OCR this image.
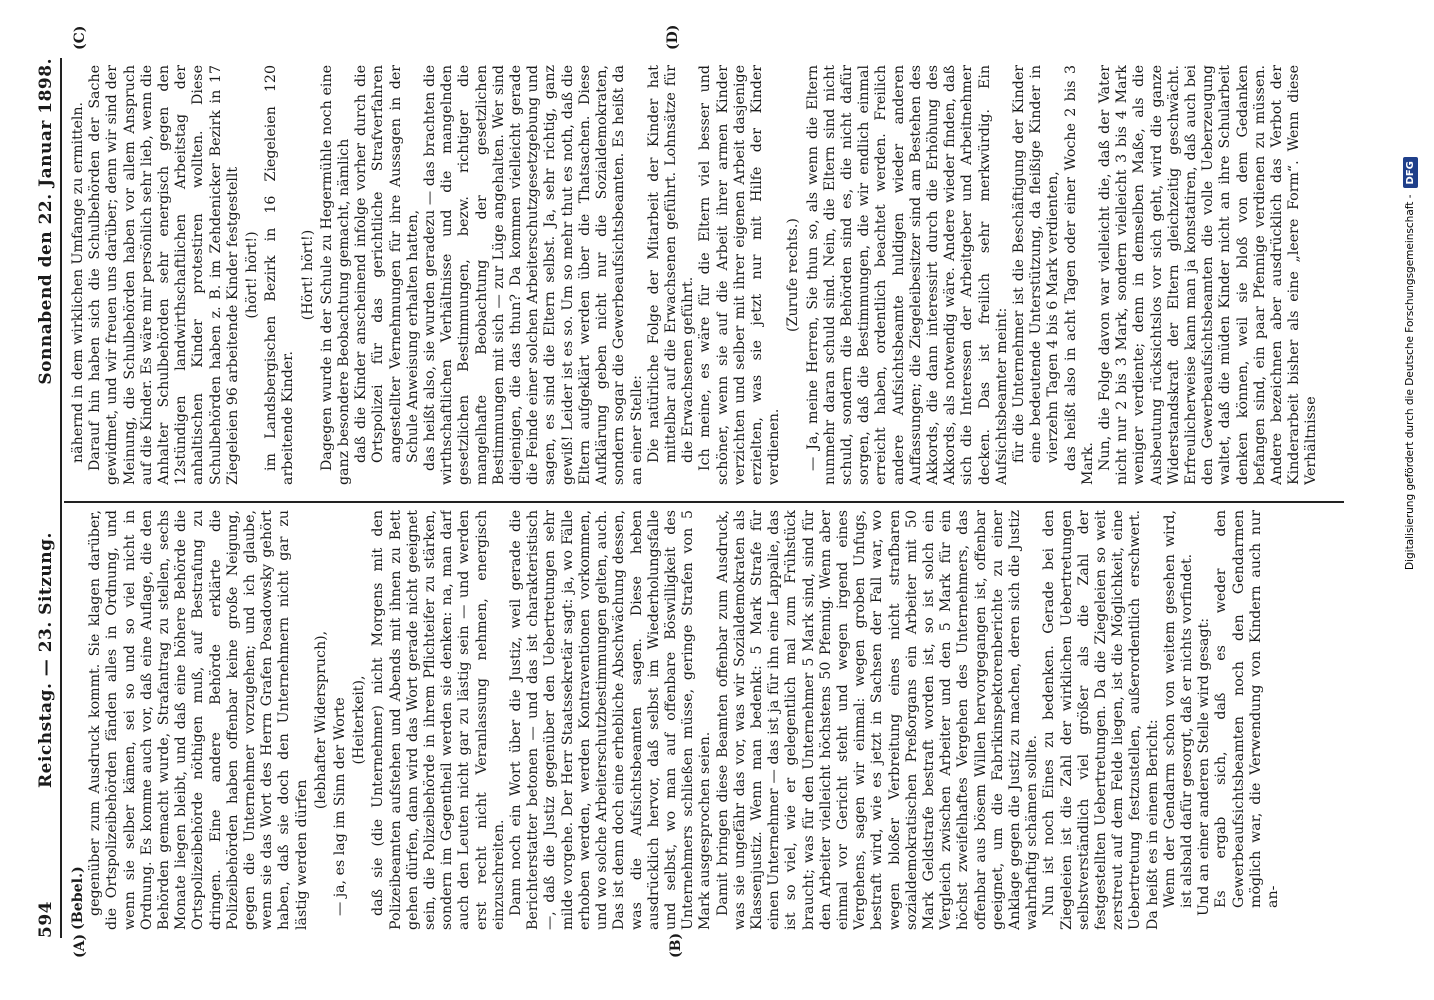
594
Reichstag. — 23. Sitzung.
Sonnabend den 22. Januar 1898.
(A)	(B)
(C)	(D)

(Bebel.) gegenüber zum Ausdruck kommt. Sie klagen darüber, die Ortspolizeibehörden fänden alles in Ordnung, und wenn sie selber kämen, sei so und so viel nicht in Ordnung. Es komme auch vor, daß eine Auflage, die den Behörden gemacht wurde, Strafantrag zu stellen, sechs Monate liegen bleibt, und daß eine höhere Behörde die Ortspolizeibehörde nöthigen muß, auf Bestrafung zu dringen. Eine andere Behörde erklärte die Polizeibehörden haben offenbar keine große Neigung, gegen die Unternehmer vorzugehen; und ich glaube, wenn sie das Wort des Herrn Grafen Posadowsky gehört haben, daß sie doch den Unternehmern nicht gar zu lästig werden dürfen

(lebhafter Widerspruch), — ja, es lag im Sinn der Worte (Heiterkeit), daß sie (die Unternehmer) nicht Morgens mit den Polizeibeamten aufstehen und Abends mit ihnen zu Bett gehen dürfen, dann wird das Wort gerade nicht geeignet sein, die Polizeibehörde in ihrem Pflichteifer zu stärken, sondern im Gegentheil werden sie denken: na, man darf auch den Leuten nicht gar zu lästig sein — und werden erst recht nicht Veranlassung nehmen, energisch einzuschreiten. Dann noch ein Wort über die Justiz, weil gerade die Berichterstatter betonen — und das ist charakteristisch —, daß die Justiz gegenüber den Uebertretungen sehr milde vorgehe. Der Herr Staatssekretär sagt: ja, wo Fälle erhoben werden, werden Kontraventionen vorkommen, und wo solche Arbeiterschutzbestimmungen gelten, auch. Das ist denn doch eine erhebliche Abschwächung dessen, was die Aufsichtsbeamten sagen. Diese heben ausdrücklich hervor, daß selbst im Wiederholungsfalle und selbst, wo man auf offenbare Böswilligkeit des Unternehmers schließen müsse, geringe Strafen von 5 Mark ausgesprochen seien. Damit bringen diese Beamten offenbar zum Ausdruck, was sie ungefähr das vor, was wir Sozialdemokraten als Klassenjustiz. Wenn man bedenkt: 5 Mark Strafe für einen Unternehmer — das ist ja für ihn eine Lappalie, das ist so viel, wie er gelegentlich mal zum Frühstück braucht; was für den Unternehmer 5 Mark sind, sind für den Arbeiter vielleicht höchstens 50 Pfennig. Wenn aber einmal vor Gericht steht und wegen irgend eines Vergehens, sagen wir einmal: wegen groben Unfugs, bestraft wird, wie es jetzt in Sachsen der Fall war, wo wegen bloßer Verbreitung eines nicht strafbaren sozialdemokratischen Preßorgans ein Arbeiter mit 50 Mark Geldstrafe bestraft worden ist, so ist solch ein Vergleich zwischen Arbeiter und den 5 Mark für ein höchst zweifelhaftes Vergehen des Unternehmers, das offenbar aus bösem Willen hervorgegangen ist, offenbar geeignet, um die Fabrikinspektorenberichte zu einer Anklage gegen die Justiz zu machen, deren sich die Justiz wahrhaftig schämen sollte. Nun ist noch Eines zu bedenken. Gerade bei den Ziegeleien ist die Zahl der wirklichen Uebertretungen selbstverständlich viel größer als die Zahl der festgestellten Uebertretungen. Da die Ziegeleien so weit zerstreut auf dem Felde liegen, ist die Möglichkeit, eine Uebertretung festzustellen, außerordentlich erschwert. Da heißt es in einem Bericht: Wenn der Gendarm schon von weitem gesehen wird, ist alsbald dafür gesorgt, daß er nichts vorfindet. Und an einer anderen Stelle wird gesagt: Es ergab sich, daß es weder den Gewerbeaufsichtsbeamten noch den Gendarmen möglich war, die Verwendung von Kindern auch nur an-

nähernd in dem wirklichen Umfange zu ermitteln. Darauf hin haben sich die Schulbehörden der Sache gewidmet, und wir freuen uns darüber; denn wir sind der Meinung, die Schulbehörden haben vor allem Anspruch auf die Kinder. Es wäre mir persönlich sehr lieb, wenn die Anhalter Schulbehörden sehr energisch gegen den 12stündigen landwirthschaftlichen Arbeitstag der anhaltischen Kinder protestiren wollten. Diese Schulbehörden haben z. B. im Zehdenicker Bezirk in 17 Ziegeleien 96 arbeitende Kinder festgestellt (hört! hört!) im Landsbergischen Bezirk in 16 Ziegeleien 120 arbeitende Kinder.

(Hört! hört!) Dagegen wurde in der Schule zu Hegermühle noch eine ganz besondere Beobachtung gemacht, nämlich daß die Kinder anscheinend infolge vorher durch die Ortspolizei für das gerichtliche Strafverfahren angestellter Vernehmungen für ihre Aussagen in der Schule Anweisung erhalten hatten, das heißt also, sie wurden geradezu — das brachten die wirthschaftlichen Verhältnisse und die mangelnden gesetzlichen Bestimmungen, bezw. richtiger die mangelhafte Beobachtung der gesetzlichen Bestimmungen mit sich — zur Lüge angehalten. Wer sind diejenigen, die das thun? Da kommen vielleicht gerade die Feinde einer solchen Arbeiterschutzgesetzgebung und sagen, es sind die Eltern selbst. Ja, sehr richtig, ganz gewiß! Leider ist es so. Um so mehr thut es noth, daß die Eltern aufgeklärt werden über die Thatsachen. Diese Aufklärung geben nicht nur die Sozialdemokraten, sondern sogar die Gewerbeaufsichtsbeamten. Es heißt da an einer Stelle: Die natürliche Folge der Mitarbeit der Kinder hat mittelbar auf die Erwachsenen geführt. Lohnsätze für die Erwachsenen geführt. Ich meine, es wäre für die Eltern viel besser und schöner, wenn sie auf die Arbeit ihrer armen Kinder verzichten und selber mit ihrer eigenen Arbeit dasjenige erzielten, was sie jetzt nur mit Hilfe der Kinder verdienen.

(Zurufe rechts.) — Ja, meine Herren, Sie thun so, als wenn die Eltern nunmehr daran schuld sind. Nein, die Eltern sind nicht schuld, sondern die Behörden sind es, die nicht dafür sorgen, daß die Bestimmungen, die wir endlich einmal erreicht haben, ordentlich beachtet werden. Freilich andere Aufsichtsbeamte huldigen wieder anderen Auffassungen; die Ziegeleibesitzer sind am Bestehen des Akkords, die dann interessirt durch die Erhöhung des Akkords, als notwendig wäre. Andere wieder finden, daß sich die Interessen der Arbeitgeber und Arbeitnehmer decken. Das ist freilich sehr merkwürdig. Ein Aufsichtsbeamter meint: für die Unternehmer ist die Beschäftigung der Kinder eine bedeutende Unterstützung, da fleißige Kinder in vierzehn Tagen 4 bis 6 Mark verdienten, das heißt also in acht Tagen oder einer Woche 2 bis 3 Mark. Nun, die Folge davon war vielleicht die, daß der Vater nicht nur 2 bis 3 Mark, sondern vielleicht 3 bis 4 Mark weniger verdiente; denn in demselben Maße, als die Ausbeutung rücksichtslos vor sich geht, wird die ganze Widerstandskraft der Eltern gleichzeitig geschwächt. Erfreulicherweise kann man ja konstatiren, daß auch bei den Gewerbeaufsichtsbeamten die volle Ueberzeugung waltet, daß die müden Kinder nicht an ihre Schularbeit denken können, weil sie bloß von dem Gedanken befangen sind, ein paar Pfennige verdienen zu müssen. Andere bezeichnen aber ausdrücklich das Verbot der Kinderarbeit bisher als eine „leere Form“. Wenn diese Verhältnisse	Digitalisierung gefördert durch die Deutsche Forschungsgemeinschaft -
DFG
